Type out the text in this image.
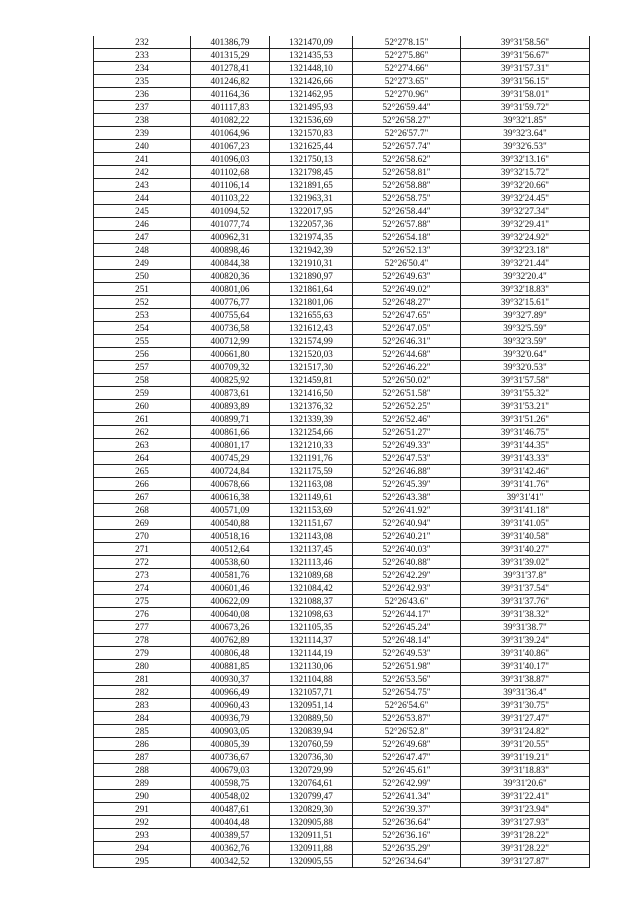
232	401386,79	1321470,09	52°27'8.15"	39°31'58.56"
233	401315,29	1321435,53	52°27'5.86"	39°31'56.67"
234	401278,41	1321448,10	52°27'4.66"	39°31'57.31"
235	401246,82	1321426,66	52°27'3.65"	39°31'56.15"
236	401164,36	1321462,95	52°27'0.96"	39°31'58.01"
237	401117,83	1321495,93	52°26'59.44"	39°31'59.72"
238	401082,22	1321536,69	52°26'58.27"	39°32'1.85"
239	401064,96	1321570,83	52°26'57.7"	39°32'3.64"
240	401067,23	1321625,44	52°26'57.74"	39°32'6.53"
241	401096,03	1321750,13	52°26'58.62"	39°32'13.16"
242	401102,68	1321798,45	52°26'58.81"	39°32'15.72"
243	401106,14	1321891,65	52°26'58.88"	39°32'20.66"
244	401103,22	1321963,31	52°26'58.75"	39°32'24.45"
245	401094,52	1322017,95	52°26'58.44"	39°32'27.34"
246	401077,74	1322057,36	52°26'57.88"	39°32'29.41"
247	400962,31	1321974,35	52°26'54.18"	39°32'24.92"
248	400898,46	1321942,39	52°26'52.13"	39°32'23.18"
249	400844,38	1321910,31	52°26'50.4"	39°32'21.44"
250	400820,36	1321890,97	52°26'49.63"	39°32'20.4"
251	400801,06	1321861,64	52°26'49.02"	39°32'18.83"
252	400776,77	1321801,06	52°26'48.27"	39°32'15.61"
253	400755,64	1321655,63	52°26'47.65"	39°32'7.89"
254	400736,58	1321612,43	52°26'47.05"	39°32'5.59"
255	400712,99	1321574,99	52°26'46.31"	39°32'3.59"
256	400661,80	1321520,03	52°26'44.68"	39°32'0.64"
257	400709,32	1321517,30	52°26'46.22"	39°32'0.53"
258	400825,92	1321459,81	52°26'50.02"	39°31'57.58"
259	400873,61	1321416,50	52°26'51.58"	39°31'55.32"
260	400893,89	1321376,32	52°26'52.25"	39°31'53.21"
261	400899,71	1321339,39	52°26'52.46"	39°31'51.26"
262	400861,66	1321254,66	52°26'51.27"	39°31'46.75"
263	400801,17	1321210,33	52°26'49.33"	39°31'44.35"
264	400745,29	1321191,76	52°26'47.53"	39°31'43.33"
265	400724,84	1321175,59	52°26'46.88"	39°31'42.46"
266	400678,66	1321163,08	52°26'45.39"	39°31'41.76"
267	400616,38	1321149,61	52°26'43.38"	39°31'41"
268	400571,09	1321153,69	52°26'41.92"	39°31'41.18"
269	400540,88	1321151,67	52°26'40.94"	39°31'41.05"
270	400518,16	1321143,08	52°26'40.21"	39°31'40.58"
271	400512,64	1321137,45	52°26'40.03"	39°31'40.27"
272	400538,60	1321113,46	52°26'40.88"	39°31'39.02"
273	400581,76	1321089,68	52°26'42.29"	39°31'37.8"
274	400601,46	1321084,42	52°26'42.93"	39°31'37.54"
275	400622,09	1321088,37	52°26'43.6"	39°31'37.76"
276	400640,08	1321098,63	52°26'44.17"	39°31'38.32"
277	400673,26	1321105,35	52°26'45.24"	39°31'38.7"
278	400762,89	1321114,37	52°26'48.14"	39°31'39.24"
279	400806,48	1321144,19	52°26'49.53"	39°31'40.86"
280	400881,85	1321130,06	52°26'51.98"	39°31'40.17"
281	400930,37	1321104,88	52°26'53.56"	39°31'38.87"
282	400966,49	1321057,71	52°26'54.75"	39°31'36.4"
283	400960,43	1320951,14	52°26'54.6"	39°31'30.75"
284	400936,79	1320889,50	52°26'53.87"	39°31'27.47"
285	400903,05	1320839,94	52°26'52.8"	39°31'24.82"
286	400805,39	1320760,59	52°26'49.68"	39°31'20.55"
287	400736,67	1320736,30	52°26'47.47"	39°31'19.21"
288	400679,03	1320729,99	52°26'45.61"	39°31'18.83"
289	400598,75	1320764,61	52°26'42.99"	39°31'20.6"
290	400548,02	1320799,47	52°26'41.34"	39°31'22.41"
291	400487,61	1320829,30	52°26'39.37"	39°31'23.94"
292	400404,48	1320905,88	52°26'36.64"	39°31'27.93"
293	400389,57	1320911,51	52°26'36.16"	39°31'28.22"
294	400362,76	1320911,88	52°26'35.29"	39°31'28.22"
295	400342,52	1320905,55	52°26'34.64"	39°31'27.87"
